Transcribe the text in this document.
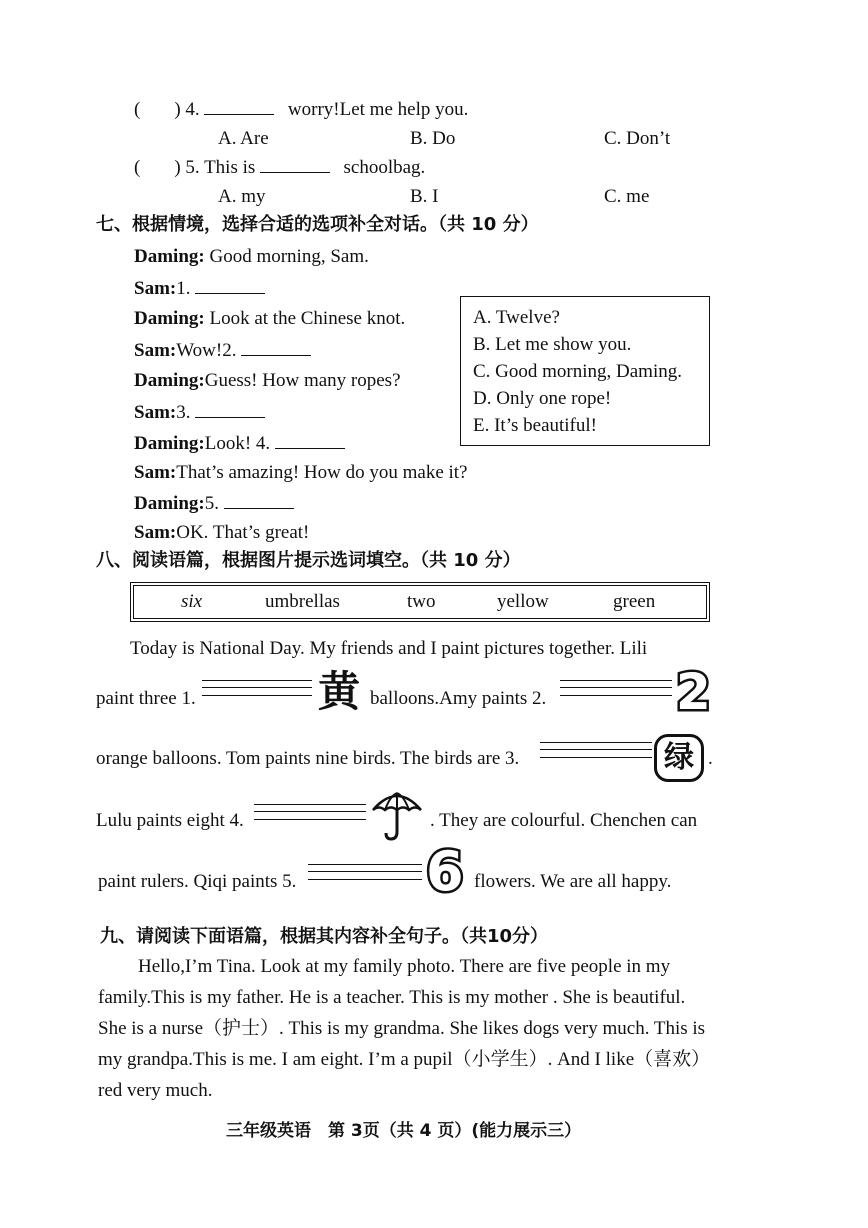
( ) 4.	worry!Let me help you.
A. Are	B. Do	C. Don’t
( ) 5. This is	schoolbag.
A. my	B. I	C. me
七、根据情境，选择合适的选项补全对话。（共 10 分）
Daming: Good morning, Sam.
Sam:1.
Daming: Look at the Chinese knot.
Sam:Wow!2.
Daming:Guess! How many ropes?
Sam:3.
Daming:Look! 4.
Sam:That’s amazing! How do you make it?
Daming:5.
Sam:OK. That’s great!
A. Twelve?
B. Let me show you.
C. Good morning, Daming.
D. Only one rope!
E. It’s beautiful!
八、阅读语篇，根据图片提示选词填空。（共 10 分）
six	umbrellas	two	yellow	green
Today is National Day. My friends and I paint pictures together. Lili
paint three 1.	黄 balloons.Amy paints 2.	2
orange balloons. Tom paints nine birds. The birds are 3.	绿 .
Lulu paints eight 4.	. They are colourful. Chenchen can
paint rulers. Qiqi paints 5. 6 flowers. We are all happy.
九、请阅读下面语篇，根据其内容补全句子。（共10分）
Hello,I’m Tina. Look at my family photo. There are five people in my
family.This is my father. He is a teacher. This is my mother . She is beautiful.
She is a nurse（护士）. This is my grandma. She likes dogs very much. This is
my grandpa.This is me. I am eight. I’m a pupil（小学生）. And I like（喜欢）
red very much.
三年级英语　第 3页（共 4 页）(能力展示三）
